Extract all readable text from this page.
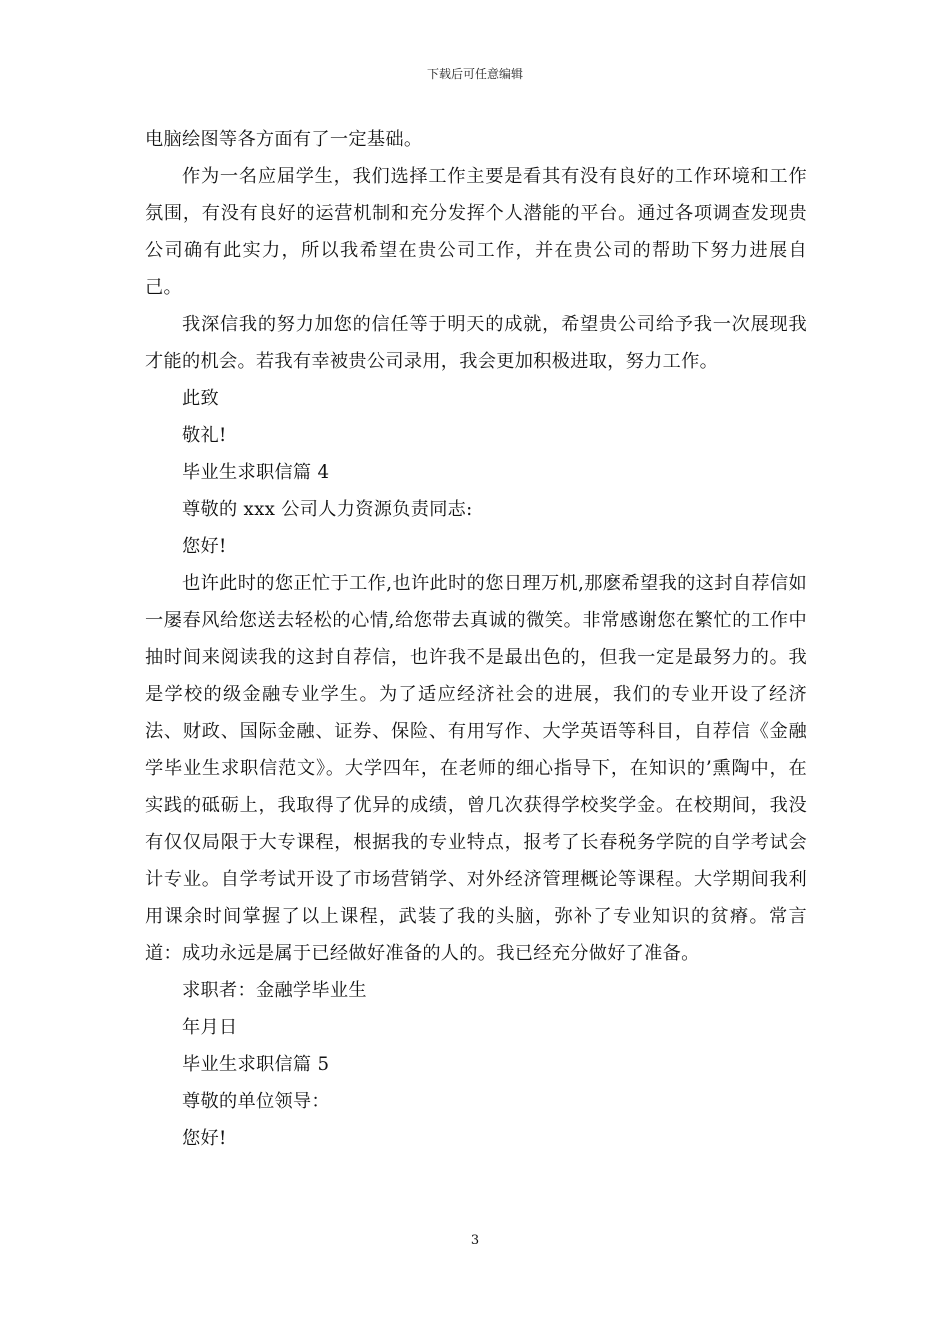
下载后可任意编辑

电脑绘图等各方面有了一定基础。

作为一名应届学生，我们选择工作主要是看其有没有良好的工作环境和工作氛围，有没有良好的运营机制和充分发挥个人潜能的平台。通过各项调查发现贵公司确有此实力，所以我希望在贵公司工作，并在贵公司的帮助下努力进展自己。

我深信我的努力加您的信任等于明天的成就，希望贵公司给予我一次展现我才能的机会。若我有幸被贵公司录用，我会更加积极进取，努力工作。

此致

敬礼!

毕业生求职信篇 4

尊敬的 xxx 公司人力资源负责同志:

您好!

也许此时的您正忙于工作,也许此时的您日理万机,那麽希望我的这封自荐信如一屡春风给您送去轻松的心情,给您带去真诚的微笑。非常感谢您在繁忙的工作中抽时间来阅读我的这封自荐信，也许我不是最出色的，但我一定是最努力的。我是学校的级金融专业学生。为了适应经济社会的进展，我们的专业开设了经济法、财政、国际金融、证券、保险、有用写作、大学英语等科目，自荐信《金融学毕业生求职信范文》。大学四年，在老师的细心指导下，在知识的’熏陶中，在实践的砥砺上，我取得了优异的成绩，曾几次获得学校奖学金。在校期间，我没有仅仅局限于大专课程，根据我的专业特点，报考了长春税务学院的自学考试会计专业。自学考试开设了市场营销学、对外经济管理概论等课程。大学期间我利用课余时间掌握了以上课程，武装了我的头脑，弥补了专业知识的贫瘠。常言道：成功永远是属于已经做好准备的人的。我已经充分做好了准备。

求职者：金融学毕业生

年月日

毕业生求职信篇 5

尊敬的单位领导：

您好!

3
